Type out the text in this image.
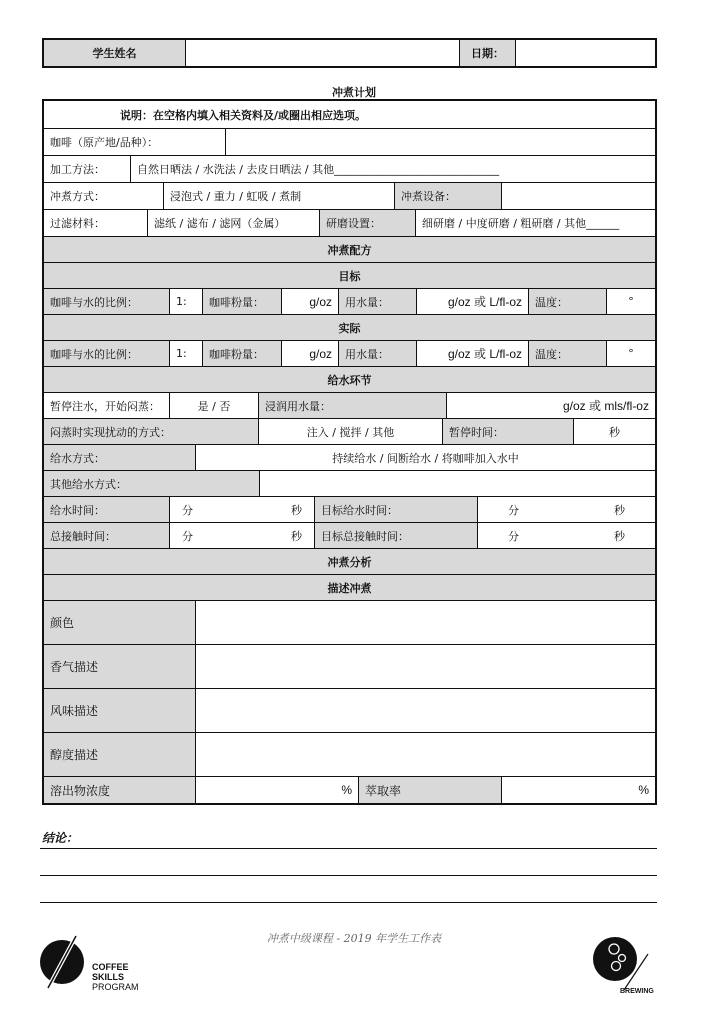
学生姓名	日期：
冲煮计划
说明：在空格内填入相关资料及/或圈出相应选项。
咖啡（原产地/品种）：
加工方法：	自然日晒法 / 水洗法 / 去皮日晒法 / 其他______________________________
冲煮方式：	浸泡式 / 重力 / 虹吸 / 煮制	冲煮设备：
过滤材料：	滤纸 / 滤布 / 滤网（金属）	研磨设置：	细研磨 / 中度研磨 / 粗研磨 / 其他______
冲煮配方
目标
咖啡与水的比例：	1:	咖啡粉量：	g/oz	用水量：	g/oz 或 L/fl-oz	温度：	°
实际
咖啡与水的比例：	1:	咖啡粉量：	g/oz	用水量：	g/oz 或 L/fl-oz	温度：	°
给水环节
暂停注水，开始闷蒸：	是 / 否	浸润用水量：	g/oz 或 mls/fl-oz
闷蒸时实现扰动的方式：	注入 / 搅拌 / 其他	暂停时间：	秒
给水方式：	持续给水 / 间断给水 / 将咖啡加入水中
其他给水方式：
给水时间：	分	秒	目标给水时间：	分	秒
总接触时间：	分	秒	目标总接触时间：	分	秒
冲煮分析
描述冲煮
颜色
香气描述
风味描述
醇度描述
溶出物浓度	%	萃取率	%
结论：
冲煮中级课程 - 2019 年学生工作表
COFFEE
SKILLS
PROGRAM	BREWING
